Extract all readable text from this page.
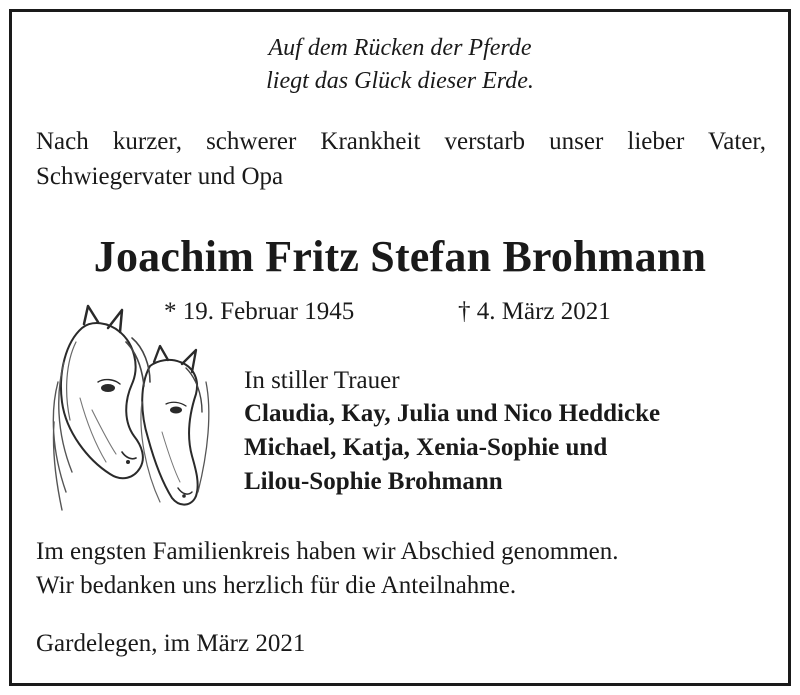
Auf dem Rücken der Pferde

liegt das Glück dieser Erde.

Nach kurzer, schwerer Krankheit verstarb unser lieber Vater,

Schwiegervater und Opa

Joachim Fritz Stefan Brohmann

* 19. Februar 1945	† 4. März 2021

In stiller Trauer

Claudia, Kay, Julia und Nico Heddicke

Michael, Katja, Xenia-Sophie und

Lilou-Sophie Brohmann

Im engsten Familienkreis haben wir Abschied genommen.

Wir bedanken uns herzlich für die Anteilnahme.

Gardelegen, im März 2021
